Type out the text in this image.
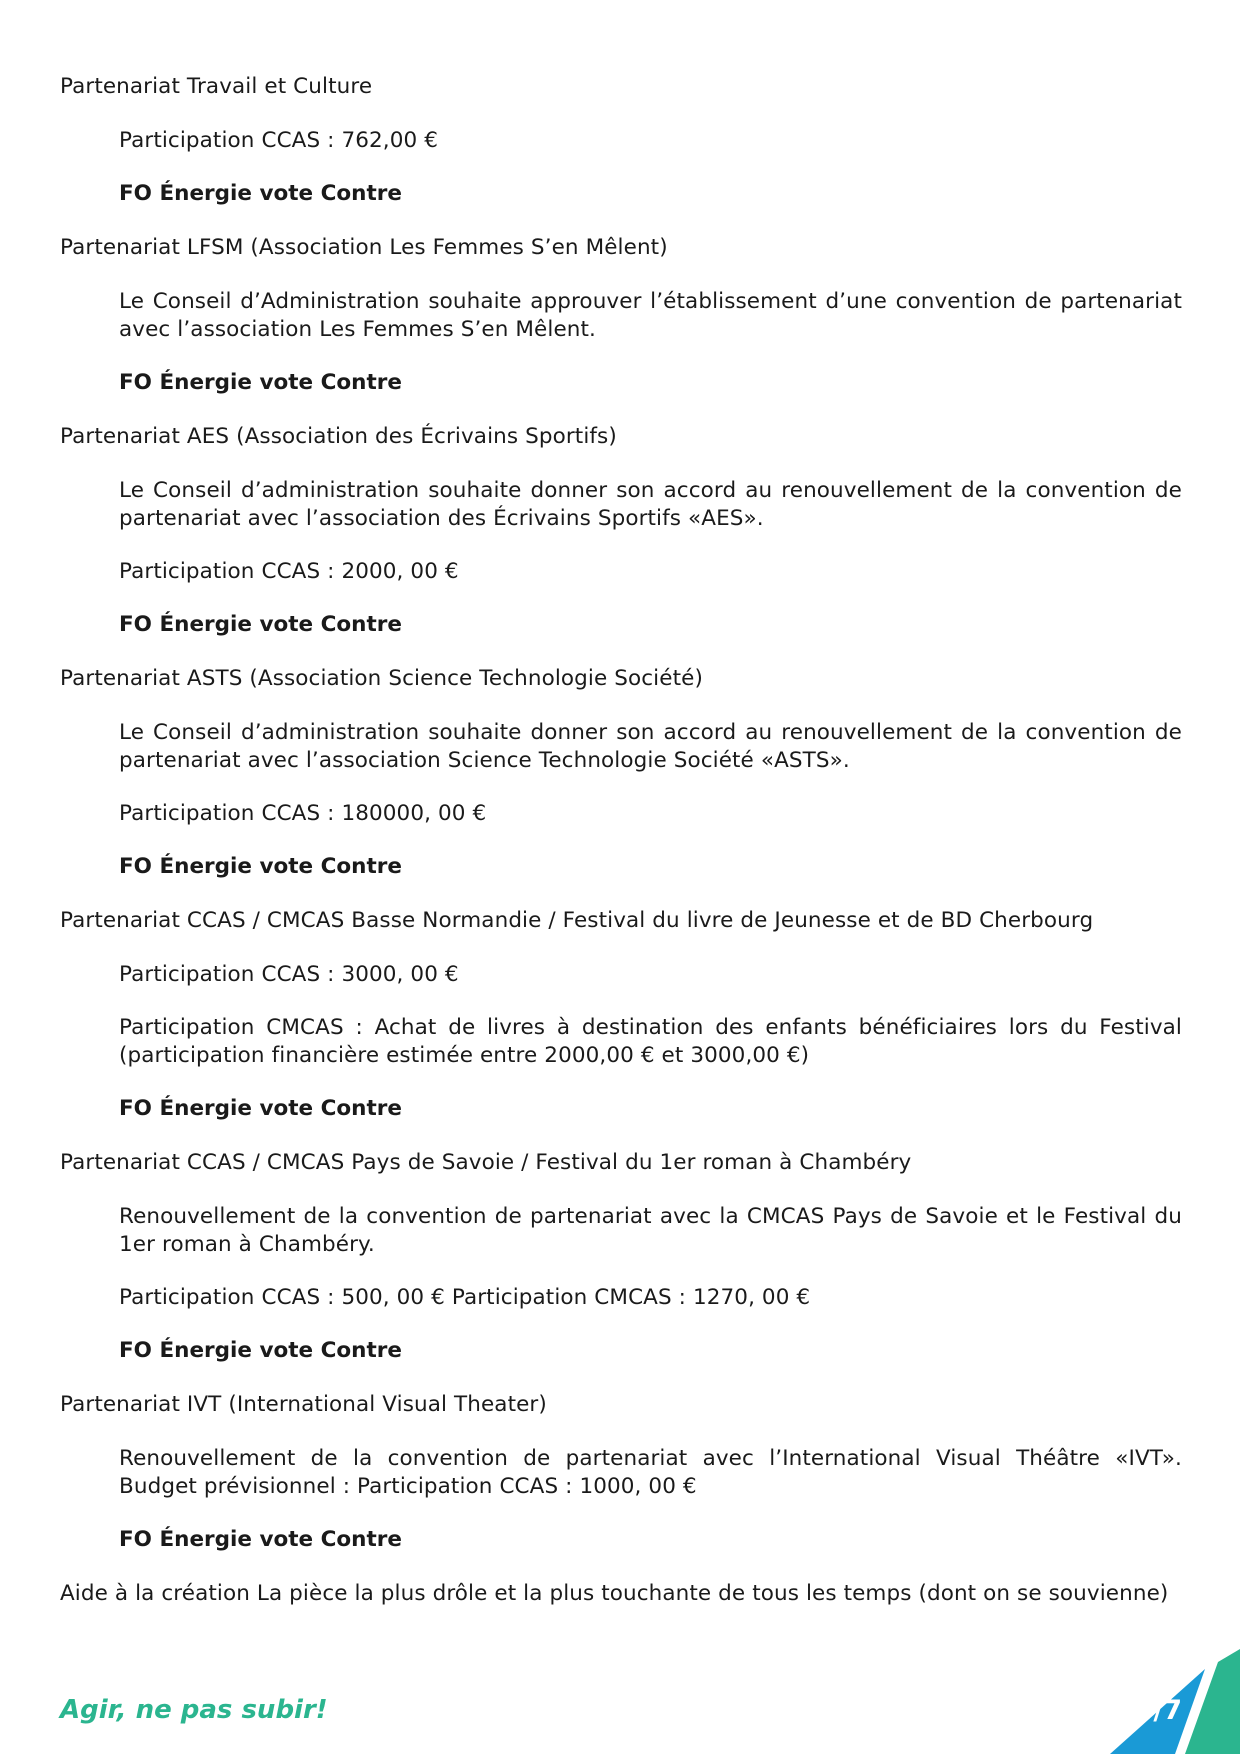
Partenariat Travail et Culture

Participation CCAS : 762,00 €

FO Énergie vote Contre

Partenariat LFSM (Association Les Femmes S’en Mêlent)

Le Conseil d’Administration souhaite approuver l’établissement d’une convention de partenariat avec l’association Les Femmes S’en Mêlent.

FO Énergie vote Contre

Partenariat AES (Association des Écrivains Sportifs)

Le Conseil d’administration souhaite donner son accord au renouvellement de la convention de partenariat avec l’association des Écrivains Sportifs «AES».

Participation CCAS : 2000, 00 €

FO Énergie vote Contre

Partenariat ASTS (Association Science Technologie Société)

Le Conseil d’administration souhaite donner son accord au renouvellement de la convention de partenariat avec l’association Science Technologie Société «ASTS».

Participation CCAS : 180000, 00 €

FO Énergie vote Contre

Partenariat CCAS / CMCAS Basse Normandie / Festival du livre de Jeunesse et de BD Cherbourg

Participation CCAS : 3000, 00 €

Participation CMCAS : Achat de livres à destination des enfants bénéficiaires lors du Festival (participation financière estimée entre 2000,00 € et 3000,00 €)

FO Énergie vote Contre

Partenariat CCAS / CMCAS Pays de Savoie / Festival du 1er roman à Chambéry

Renouvellement de la convention de partenariat avec la CMCAS Pays de Savoie et le Festival du 1er roman à Chambéry.

Participation CCAS : 500, 00 € Participation CMCAS : 1270, 00 €

FO Énergie vote Contre

Partenariat IVT (International Visual Theater)

Renouvellement de la convention de partenariat avec l’International Visual Théâtre «IVT». Budget prévisionnel : Participation CCAS : 1000, 00 €

FO Énergie vote Contre

Aide à la création La pièce la plus drôle et la plus touchante de tous les temps (dont on se souvienne)

Agir, ne pas subir!	4/7
